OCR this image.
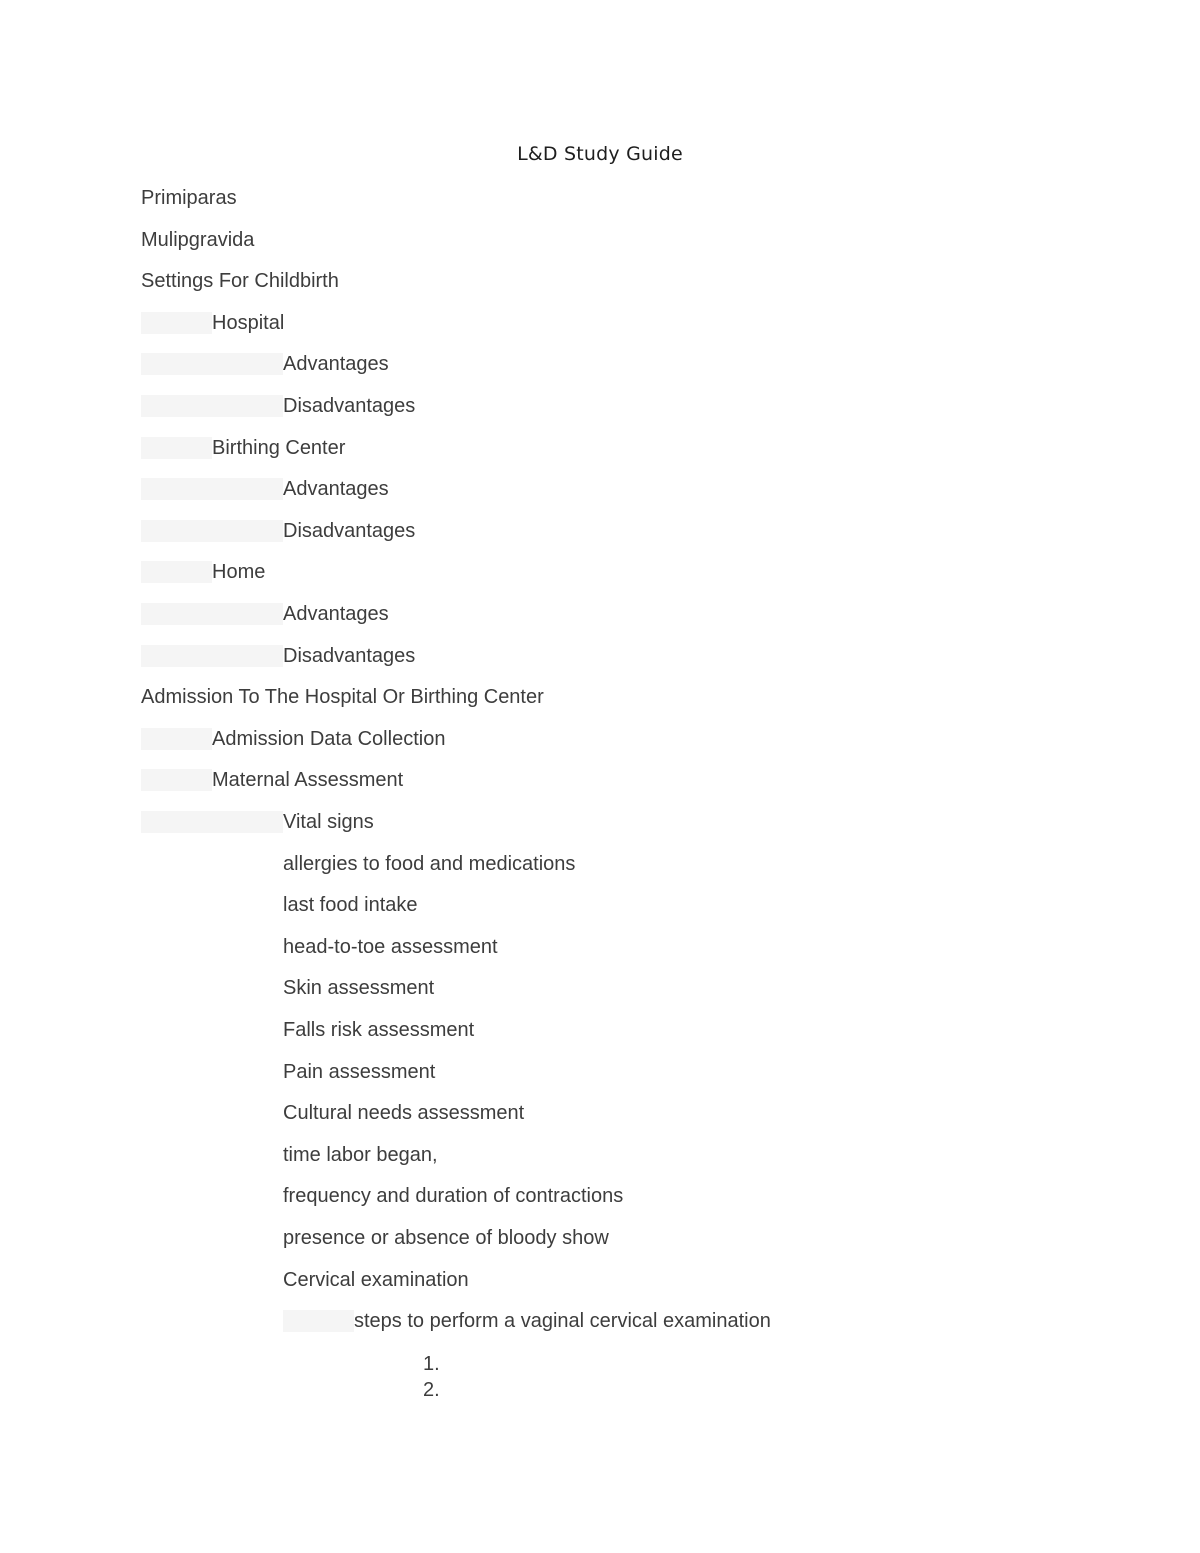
L&D Study Guide
Primiparas
Mulipgravida
Settings For Childbirth
Hospital
Advantages
Disadvantages
Birthing Center
Advantages
Disadvantages
Home
Advantages
Disadvantages
Admission To The Hospital Or Birthing Center
Admission Data Collection
Maternal Assessment
Vital signs
allergies to food and medications
last food intake
head-to-toe assessment
Skin assessment
Falls risk assessment
Pain assessment
Cultural needs assessment
time labor began,
frequency and duration of contractions
presence or absence of bloody show
Cervical examination
steps to perform a vaginal cervical examination
1.
2.
